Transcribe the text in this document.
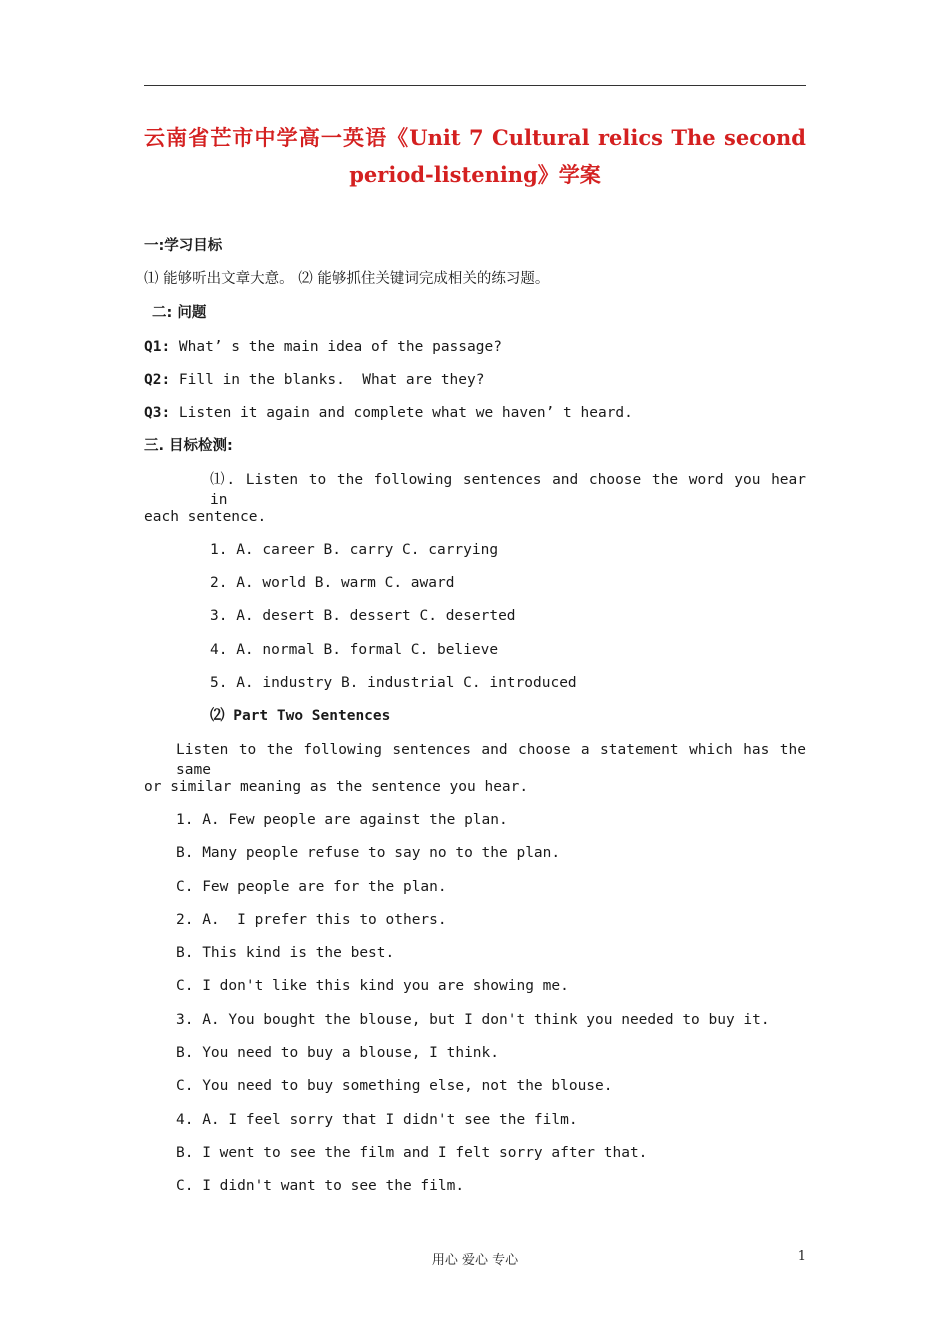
云南省芒市中学高一英语《Unit 7 Cultural relics The second
period-listening》学案
一:学习目标
⑴ 能够听出文章大意。 ⑵ 能够抓住关键词完成相关的练习题。
二: 问题
Q1: What’ s the main idea of the passage?
Q2: Fill in the blanks.  What are they?
Q3: Listen it again and complete what we haven’ t heard.
三. 目标检测:
⑴. Listen to the following sentences and choose the word you hear in
each sentence.
1. A. career B. carry C. carrying
2. A. world B. warm C. award
3. A. desert B. dessert C. deserted
4. A. normal B. formal C. believe
5. A. industry B. industrial C. introduced
⑵ Part Two Sentences
Listen to the following sentences and choose a statement which has the same
or similar meaning as the sentence you hear.
1. A. Few people are against the plan.
B. Many people refuse to say no to the plan.
C. Few people are for the plan.
2. A.  I prefer this to others.
B. This kind is the best.
C. I don't like this kind you are showing me.
3. A. You bought the blouse, but I don't think you needed to buy it.
B. You need to buy a blouse, I think.
C. You need to buy something else, not the blouse.
4. A. I feel sorry that I didn't see the film.
B. I went to see the film and I felt sorry after that.
C. I didn't want to see the film.
用心 爱心 专心	1
